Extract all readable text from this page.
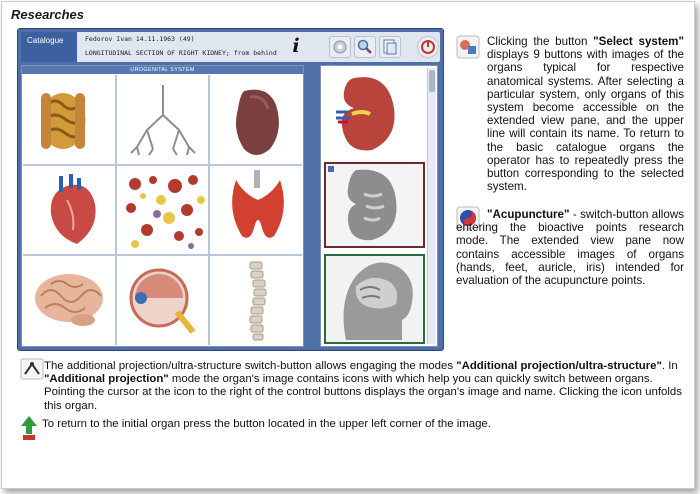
Researches
Catalogue	Fedorov Ivan 14.11.1963 (49)
LONGITUDINAL SECTION OF RIGHT KIDNEY; from behind i
UROGENITAL SYSTEM
Clicking the button "Select system" displays 9 buttons with images of the organs typical for respective anatomical systems. After selecting a particular system, only organs of this system become accessible on the extended view pane, and the upper line will contain its name. To return to the basic catalogue organs the operator has to repeatedly press the button corresponding to the selected system.
"Acupuncture" - switch-button allows entering the bioactive points research mode. The extended view pane now contains accessible images of organs (hands, feet, auricle, iris) intended for evaluation of the acupuncture points.
The additional projection/ultra-structure switch-button allows engaging the modes "Additional projection/ultra-structure". In "Additional projection" mode the organ's image contains icons with which help you can quickly switch between organs. Pointing the cursor at the icon to the right of the control buttons displays the organ's image and name. Clicking the icon unfolds this organ.
To return to the initial organ press the button located in the upper left corner of the image.
